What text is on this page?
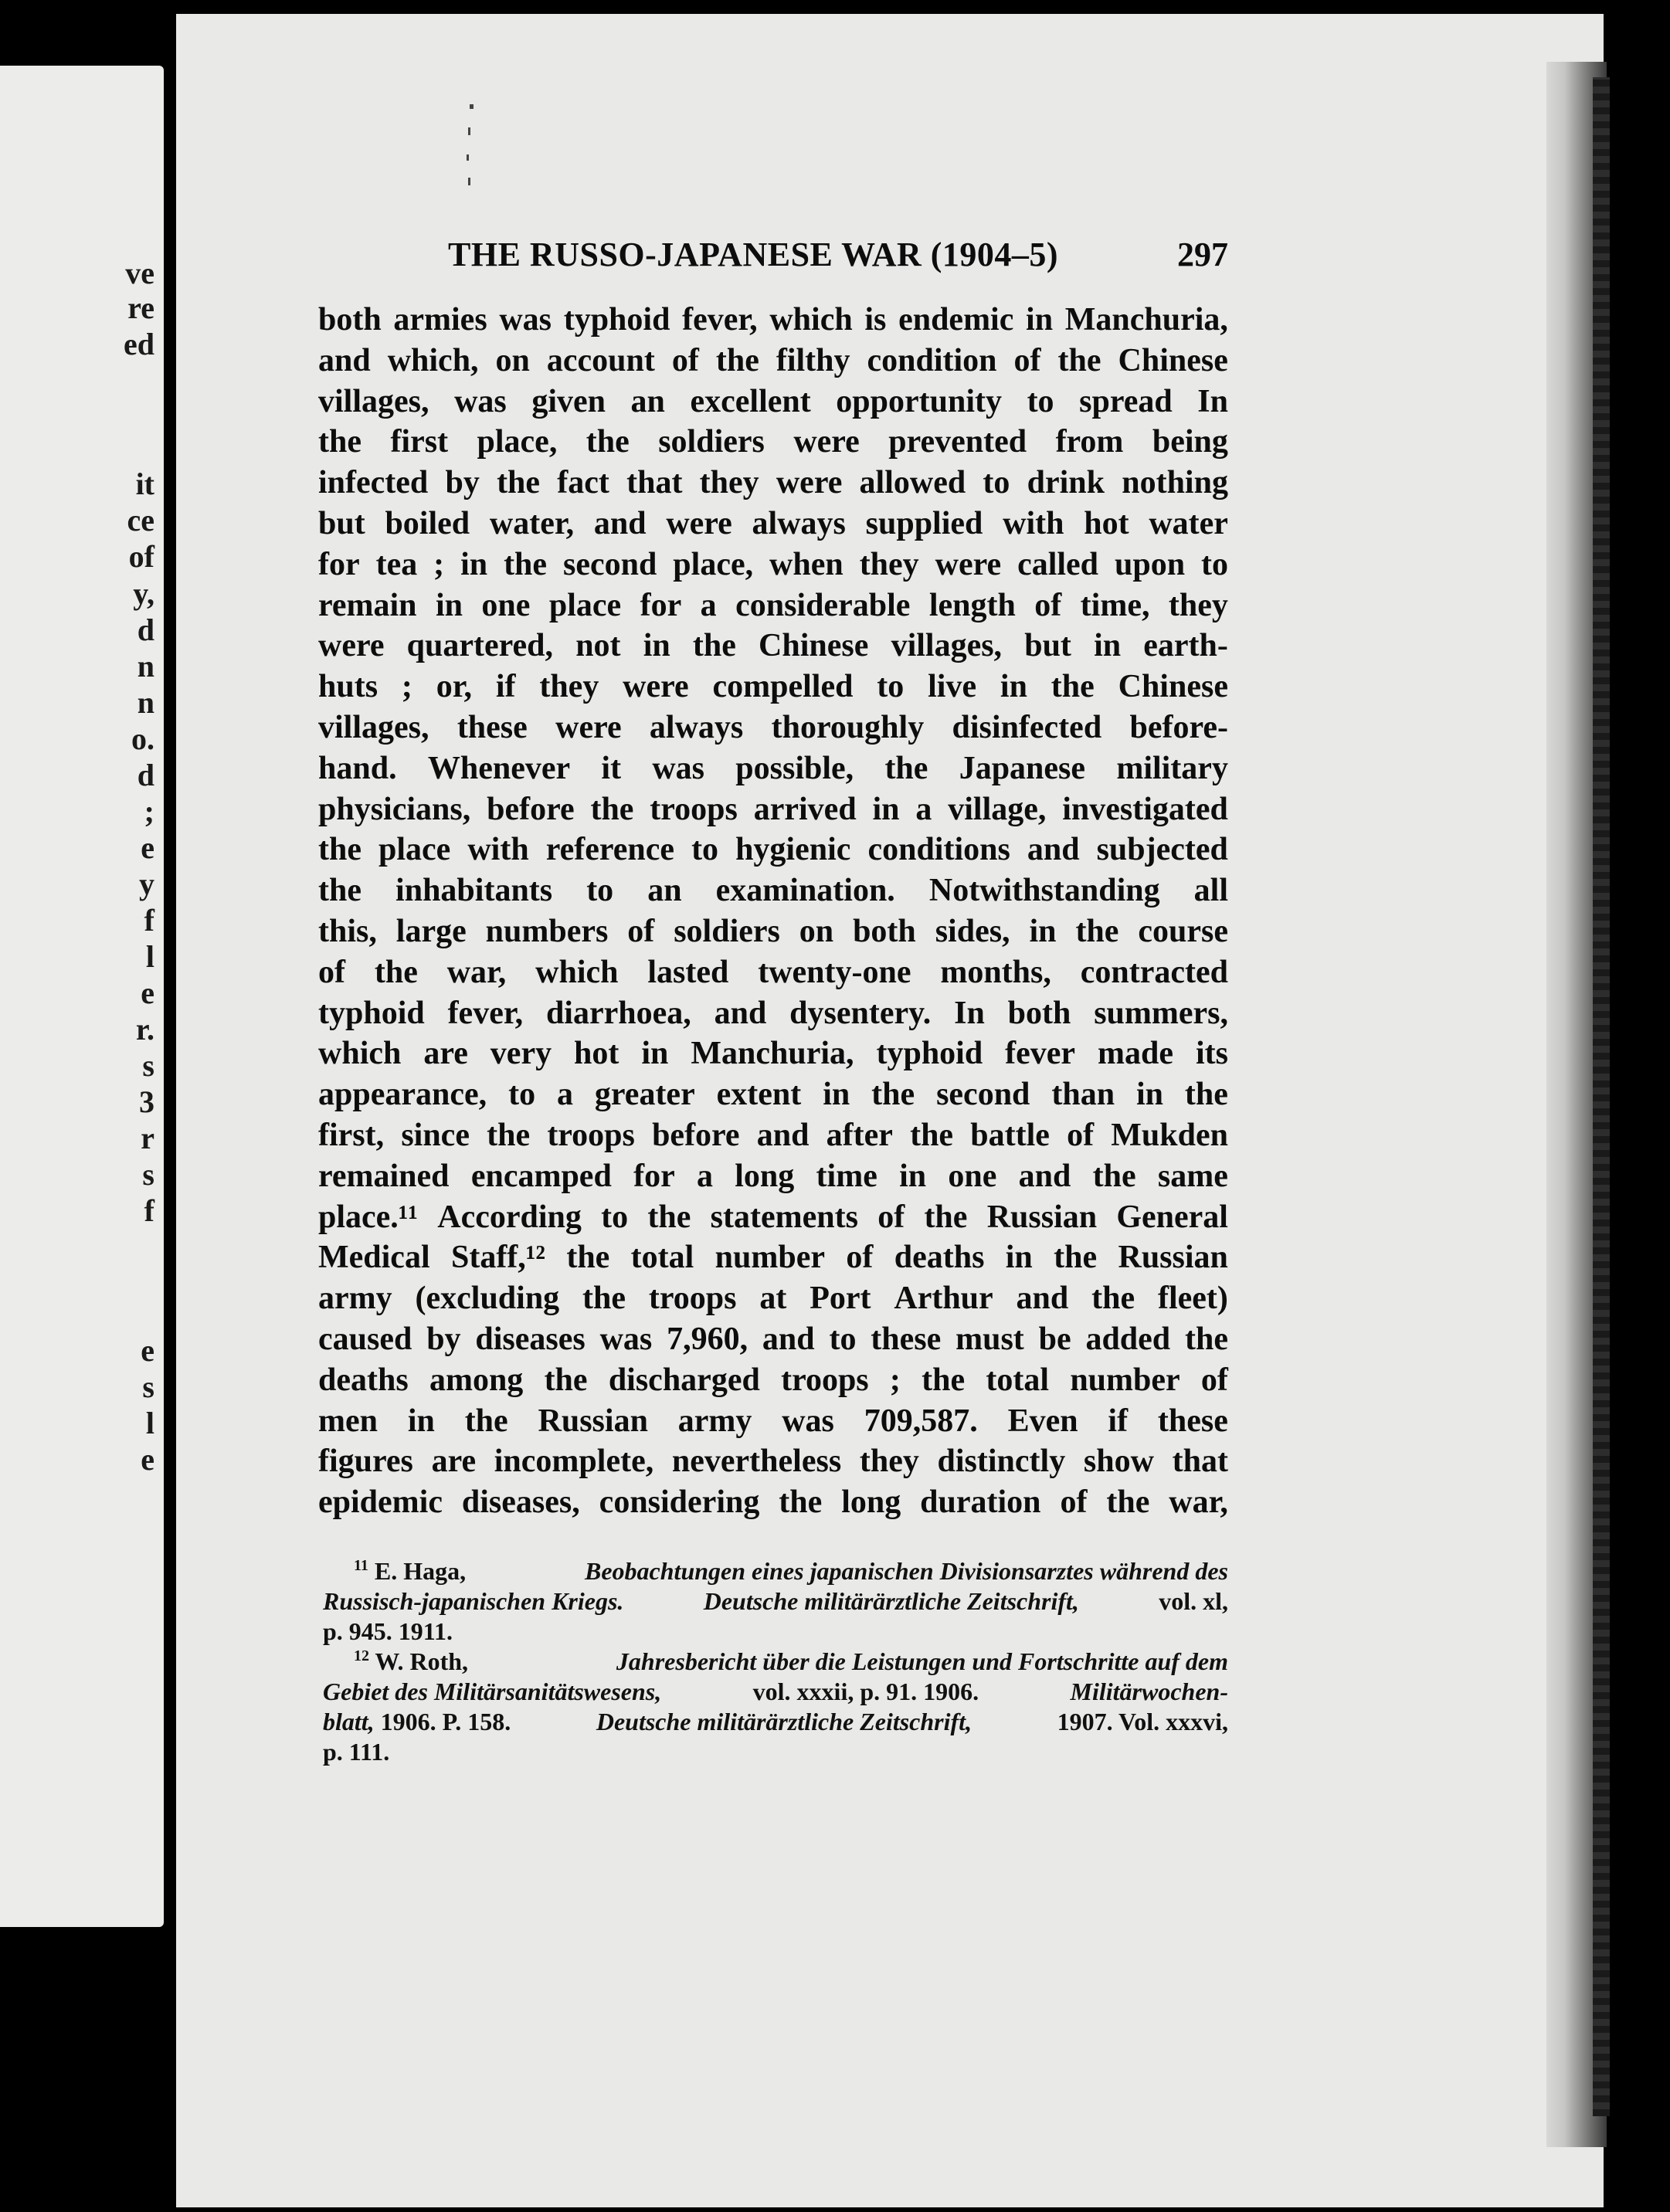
ve
re
ed
it
ce
of
y,
d
n
n
o.
d
;
e
y
f
l
e
r.
s
3
r
s
f
e
s
l
e
THE RUSSO-JAPANESE WAR (1904–5)	297
both armies was typhoid fever, which is endemic in Manchuria,
and which, on account of the filthy condition of the Chinese
villages, was given an excellent opportunity to spread In
the first place, the soldiers were prevented from being
infected by the fact that they were allowed to drink nothing
but boiled water, and were always supplied with hot water
for tea ; in the second place, when they were called upon to
remain in one place for a considerable length of time, they
were quartered, not in the Chinese villages, but in earth-
huts ; or, if they were compelled to live in the Chinese
villages, these were always thoroughly disinfected before-
hand. Whenever it was possible, the Japanese military
physicians, before the troops arrived in a village, investigated
the place with reference to hygienic conditions and subjected
the inhabitants to an examination. Notwithstanding all
this, large numbers of soldiers on both sides, in the course
of the war, which lasted twenty-one months, contracted
typhoid fever, diarrhoea, and dysentery. In both summers,
which are very hot in Manchuria, typhoid fever made its
appearance, to a greater extent in the second than in the
first, since the troops before and after the battle of Mukden
remained encamped for a long time in one and the same
place.¹¹ According to the statements of the Russian General
Medical Staff,¹² the total number of deaths in the Russian
army (excluding the troops at Port Arthur and the fleet)
caused by diseases was 7,960, and to these must be added the
deaths among the discharged troops ; the total number of
men in the Russian army was 709,587. Even if these
figures are incomplete, nevertheless they distinctly show that
epidemic diseases, considering the long duration of the war,
$^{11}$ E. Haga,	Beobachtungen eines japanischen Divisionsarztes während des
Russisch-japanischen Kriegs.	Deutsche militärärztliche Zeitschrift,	vol. xl,
p. 945. 1911.
$^{12}$ W. Roth,	Jahresbericht über die Leistungen und Fortschritte auf dem
Gebiet des Militärsanitätswesens,	vol. xxxii, p. 91. 1906.	Militärwochen-
blatt, 1906. P. 158.	Deutsche militärärztliche Zeitschrift,	1907. Vol. xxxvi,
p. 111.
